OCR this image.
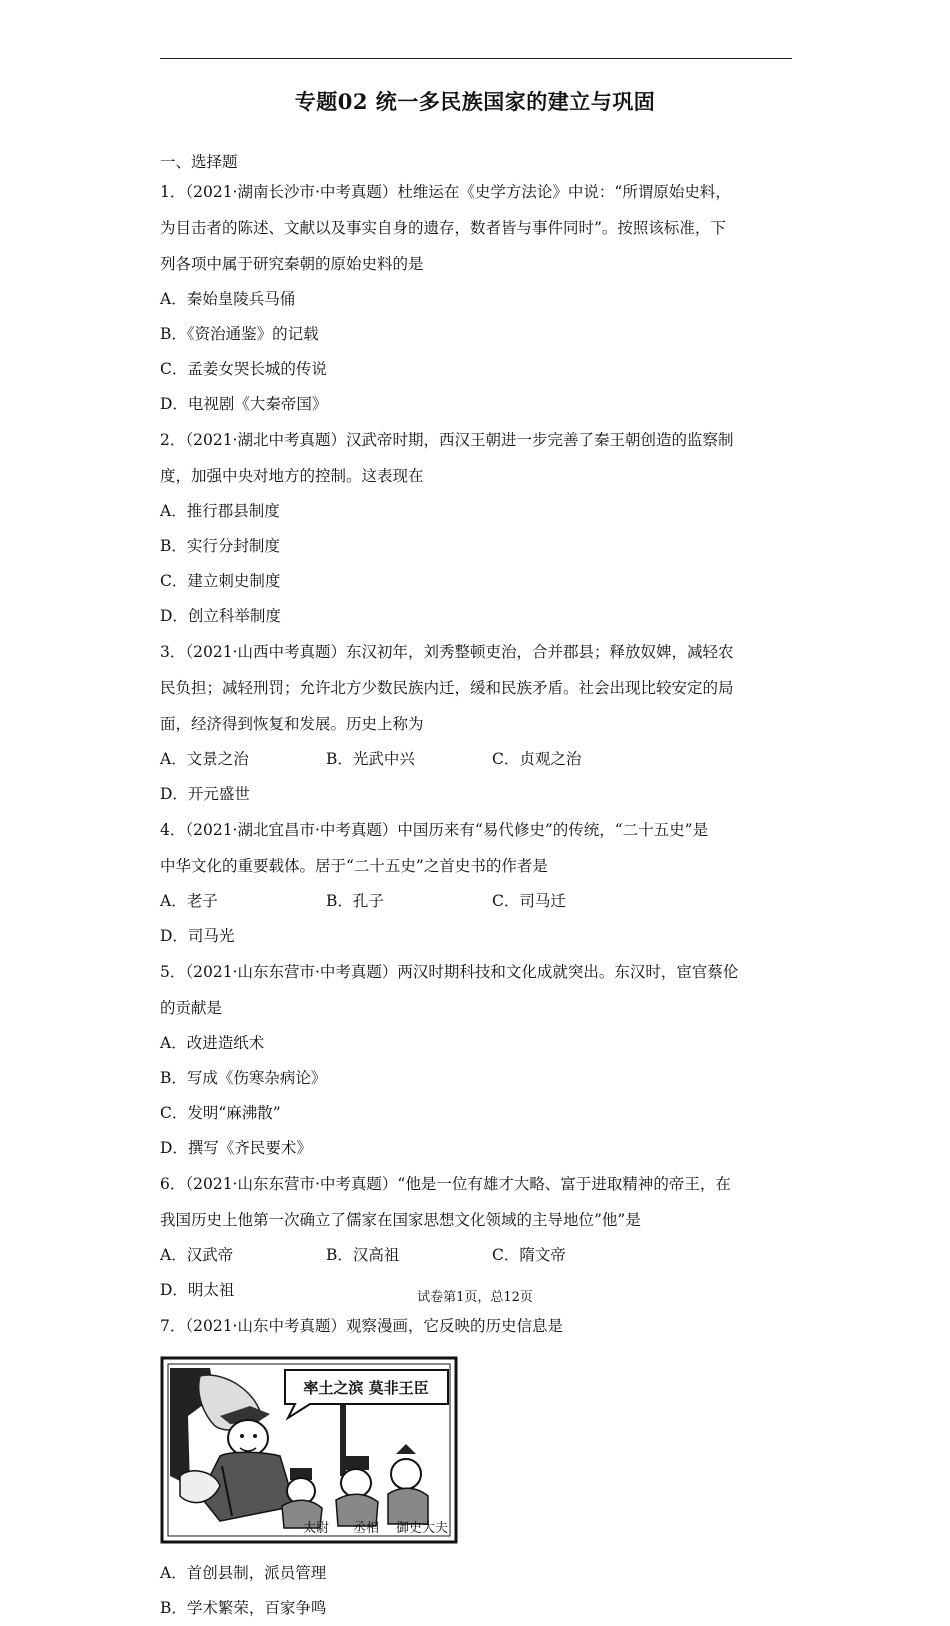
专题02 统一多民族国家的建立与巩固
一、选择题

1．（2021·湖南长沙市·中考真题）杜维运在《史学方法论》中说：“所谓原始史料，

为目击者的陈述、文献以及事实自身的遗存，数者皆与事件同时”。按照该标准，下

列各项中属于研究秦朝的原始史料的是

A．秦始皇陵兵马俑
B．《资治通鉴》的记载
C．孟姜女哭长城的传说
D．电视剧《大秦帝国》

2．（2021·湖北中考真题）汉武帝时期，西汉王朝进一步完善了秦王朝创造的监察制

度，加强中央对地方的控制。这表现在

A．推行郡县制度
B．实行分封制度
C．建立刺史制度
D．创立科举制度

3．（2021·山西中考真题）东汉初年，刘秀整顿吏治，合并郡县；释放奴婢，减轻农

民负担；减轻刑罚；允许北方少数民族内迁，缓和民族矛盾。社会出现比较安定的局

面，经济得到恢复和发展。历史上称为

A．文景之治	B．光武中兴	C．贞观之治
D．开元盛世

4．（2021·湖北宜昌市·中考真题）中国历来有“易代修史”的传统，“二十五史”是

中华文化的重要载体。居于“二十五史”之首史书的作者是

A．老子	B．孔子	C．司马迁
D．司马光

5．（2021·山东东营市·中考真题）两汉时期科技和文化成就突出。东汉时，宦官蔡伦

的贡献是

A．改进造纸术
B．写成《伤寒杂病论》
C．发明“麻沸散”
D．撰写《齐民要术》

6．（2021·山东东营市·中考真题）“他是一位有雄才大略、富于进取精神的帝王，在

我国历史上他第一次确立了儒家在国家思想文化领域的主导地位”他”是

A．汉武帝	B．汉高祖	C．隋文帝
D．明太祖

7．（2021·山东中考真题）观察漫画，它反映的历史信息是

率土之滨 莫非王臣
太尉 丞相 御史大夫
A．首创县制，派员管理
B．学术繁荣，百家争鸣
试卷第1页，总12页
